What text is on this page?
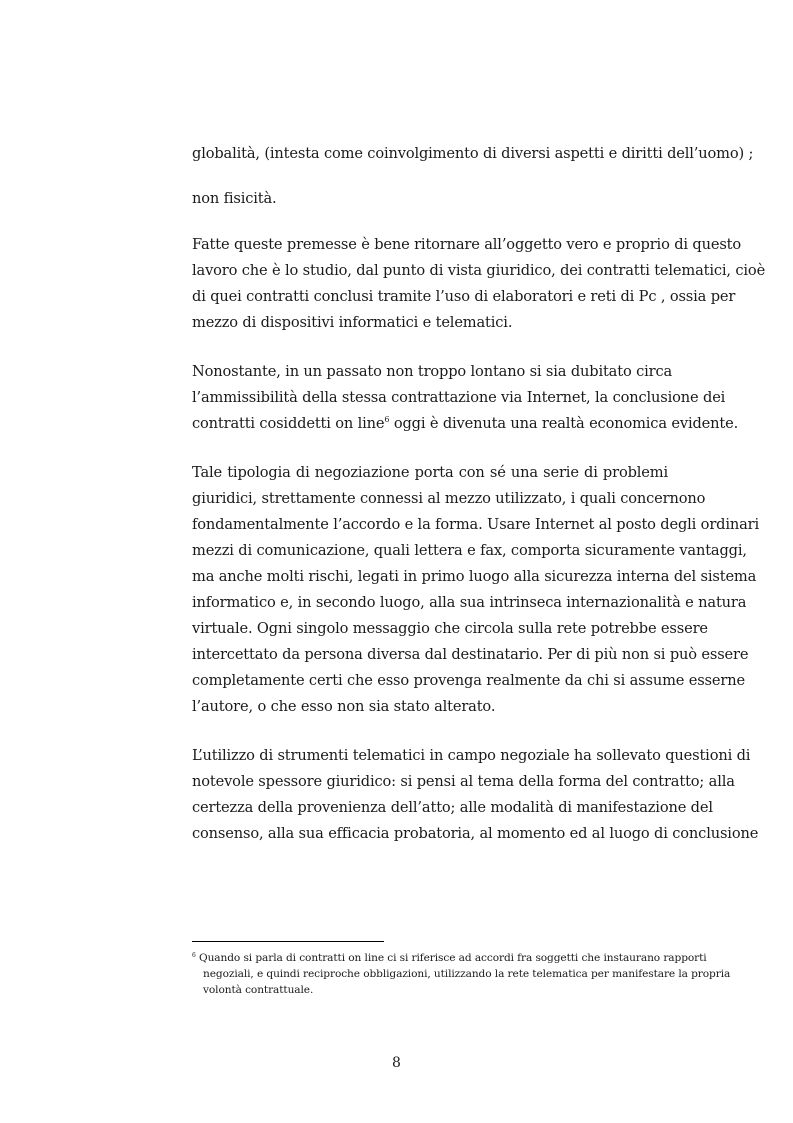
globalità, (intesta come coinvolgimento di diversi aspetti e diritti dell’uomo) ;
non fisicità.
Fatte queste premesse è bene ritornare all’oggetto vero e proprio di questo
lavoro che è lo studio, dal punto di vista giuridico, dei contratti telematici, cioè
di quei contratti conclusi tramite l’uso di elaboratori e reti di Pc , ossia per
mezzo di dispositivi informatici e telematici.
Nonostante, in un passato non troppo lontano si sia dubitato circa
l’ammissibilità della stessa contrattazione via Internet, la conclusione dei
contratti cosiddetti on line$^6$ oggi è divenuta una realtà economica evidente.
Tale tipologia di negoziazione porta con sé una serie di problemi
giuridici, strettamente connessi al mezzo utilizzato, i quali concernono
fondamentalmente l’accordo e la forma. Usare Internet al posto degli ordinari
mezzi di comunicazione, quali lettera e fax, comporta sicuramente vantaggi,
ma anche molti rischi, legati in primo luogo alla sicurezza interna del sistema
informatico e, in secondo luogo, alla sua intrinseca internazionalità e natura
virtuale. Ogni singolo messaggio che circola sulla rete potrebbe essere
intercettato da persona diversa dal destinatario. Per di più non si può essere
completamente certi che esso provenga realmente da chi si assume esserne
l’autore, o che esso non sia stato alterato.
L’utilizzo di strumenti telematici in campo negoziale ha sollevato questioni di
notevole spessore giuridico: si pensi al tema della forma del contratto; alla
certezza della provenienza dell’atto; alle modalità di manifestazione del
consenso, alla sua efficacia probatoria, al momento ed al luogo di conclusione
$^6$ Quando si parla di contratti on line ci si riferisce ad accordi fra soggetti che instaurano rapporti
negoziali, e quindi reciproche obbligazioni, utilizzando la rete telematica per manifestare la propria
volontà contrattuale.
8
